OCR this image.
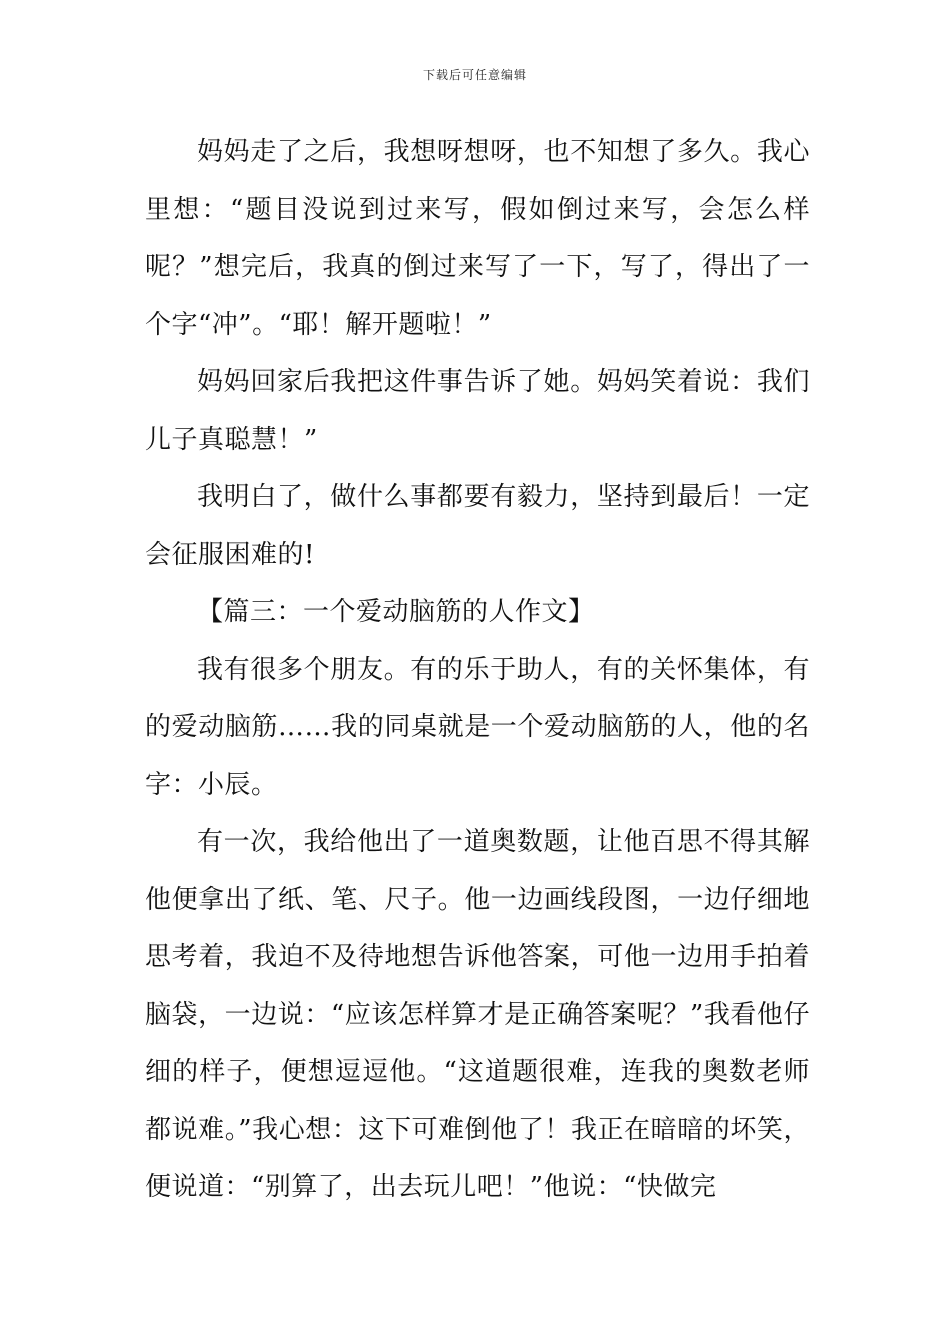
下载后可任意编辑

妈妈走了之后，我想呀想呀，也不知想了多久。我心里想：“题目没说到过来写，假如倒过来写，会怎么样呢？”想完后，我真的倒过来写了一下，写了，得出了一个字“冲”。“耶！解开题啦！”

妈妈回家后我把这件事告诉了她。妈妈笑着说：我们儿子真聪慧！”

我明白了，做什么事都要有毅力，坚持到最后！一定会征服困难的!

【篇三：一个爱动脑筋的人作文】

我有很多个朋友。有的乐于助人，有的关怀集体，有的爱动脑筋……我的同桌就是一个爱动脑筋的人，他的名字：小辰。

有一次，我给他出了一道奥数题，让他百思不得其解他便拿出了纸、笔、尺子。他一边画线段图，一边仔细地思考着，我迫不及待地想告诉他答案，可他一边用手拍着脑袋，一边说：“应该怎样算才是正确答案呢？”我看他仔细的样子，便想逗逗他。“这道题很难，连我的奥数老师都说难。”我心想：这下可难倒他了！我正在暗暗的坏笑，便说道：“别算了，出去玩儿吧！”他说：“快做完
